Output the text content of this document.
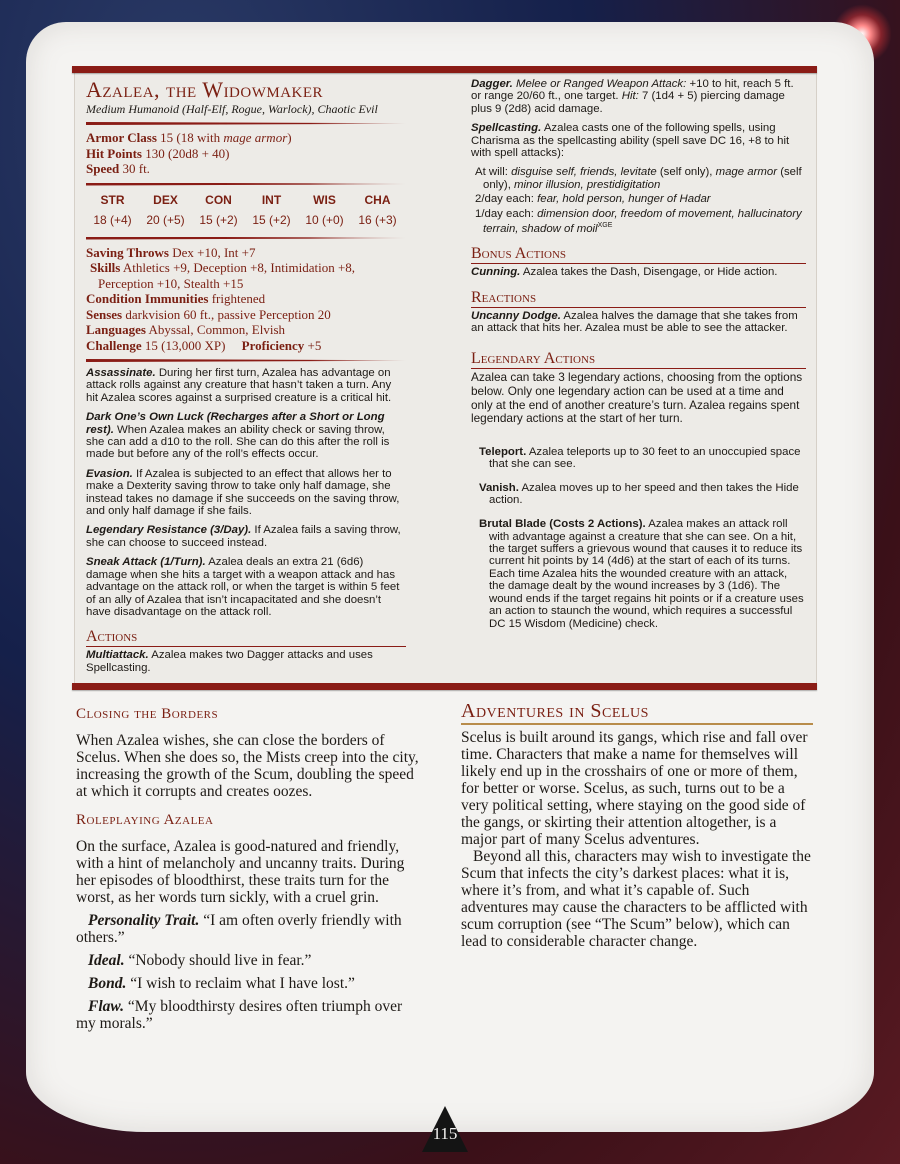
Azalea, the Widowmaker
Medium Humanoid (Half-Elf, Rogue, Warlock), Chaotic Evil
Armor Class 15 (18 with mage armor)
Hit Points 130 (20d8 + 40)
Speed 30 ft.
STR
18 (+4)
DEX
20 (+5)
CON
15 (+2)
INT
15 (+2)
WIS
10 (+0)
CHA
16 (+3)
Saving Throws Dex +10, Int +7
Skills Athletics +9, Deception +8, Intimidation +8, Perception +10, Stealth +15
Condition Immunities frightened
Senses darkvision 60 ft., passive Perception 20
Languages Abyssal, Common, Elvish
Challenge 15 (13,000 XP) Proficiency +5

Assassinate. During her first turn, Azalea has advantage on attack rolls against any creature that hasn’t taken a turn. Any hit Azalea scores against a surprised creature is a critical hit.

Dark One’s Own Luck (Recharges after a Short or Long rest). When Azalea makes an ability check or saving throw, she can add a d10 to the roll. She can do this after the roll is made but before any of the roll’s effects occur.

Evasion. If Azalea is subjected to an effect that allows her to make a Dexterity saving throw to take only half damage, she instead takes no damage if she succeeds on the saving throw, and only half damage if she fails.

Legendary Resistance (3/Day). If Azalea fails a saving throw, she can choose to succeed instead.

Sneak Attack (1/Turn). Azalea deals an extra 21 (6d6) damage when she hits a target with a weapon attack and has advantage on the attack roll, or when the target is within 5 feet of an ally of Azalea that isn’t incapacitated and she doesn’t have disadvantage on the attack roll.

Actions

Multiattack. Azalea makes two Dagger attacks and uses Spellcasting.

Dagger. Melee or Ranged Weapon Attack: +10 to hit, reach 5 ft. or range 20/60 ft., one target. Hit: 7 (1d4 + 5) piercing damage plus 9 (2d8) acid damage.

Spellcasting. Azalea casts one of the following spells, using Charisma as the spellcasting ability (spell save DC 16, +8 to hit with spell attacks):

At will: disguise self, friends, levitate (self only), mage armor (self only), minor illusion, prestidigitation

2/day each: fear, hold person, hunger of Hadar

1/day each: dimension door, freedom of movement, hallucinatory terrain, shadow of moil$^{XGE}$

Bonus Actions

Cunning. Azalea takes the Dash, Disengage, or Hide action.

Reactions

Uncanny Dodge. Azalea halves the damage that she takes from an attack that hits her. Azalea must be able to see the attacker.

Legendary Actions

Azalea can take 3 legendary actions, choosing from the options below. Only one legendary action can be used at a time and only at the end of another creature’s turn. Azalea regains spent legendary actions at the start of her turn.

Teleport. Azalea teleports up to 30 feet to an unoccupied space that she can see.

Vanish. Azalea moves up to her speed and then takes the Hide action.

Brutal Blade (Costs 2 Actions). Azalea makes an attack roll with advantage against a creature that she can see. On a hit, the target suffers a grievous wound that causes it to reduce its current hit points by 14 (4d6) at the start of each of its turns. Each time Azalea hits the wounded creature with an attack, the damage dealt by the wound increases by 3 (1d6). The wound ends if the target regains hit points or if a creature uses an action to staunch the wound, which requires a successful DC 15 Wisdom (Medicine) check.

Closing the Borders

When Azalea wishes, she can close the borders of Scelus. When she does so, the Mists creep into the city, increasing the growth of the Scum, doubling the speed at which it corrupts and creates oozes.

Roleplaying Azalea

On the surface, Azalea is good-natured and friendly, with a hint of melancholy and uncanny traits. During her episodes of bloodthirst, these traits turn for the worst, as her words turn sickly, with a cruel grin.

Personality Trait. “I am often overly friendly with others.”

Ideal. “Nobody should live in fear.”

Bond. “I wish to reclaim what I have lost.”

Flaw. “My bloodthirsty desires often triumph over my morals.”

Adventures in Scelus

Scelus is built around its gangs, which rise and fall over time. Characters that make a name for themselves will likely end up in the crosshairs of one or more of them, for better or worse. Scelus, as such, turns out to be a very political setting, where staying on the good side of the gangs, or skirting their attention altogether, is a major part of many Scelus adventures.

Beyond all this, characters may wish to investigate the Scum that infects the city’s darkest places: what it is, where it’s from, and what it’s capable of. Such adventures may cause the characters to be afflicted with scum corruption (see “The Scum” below), which can lead to considerable character change.

115
